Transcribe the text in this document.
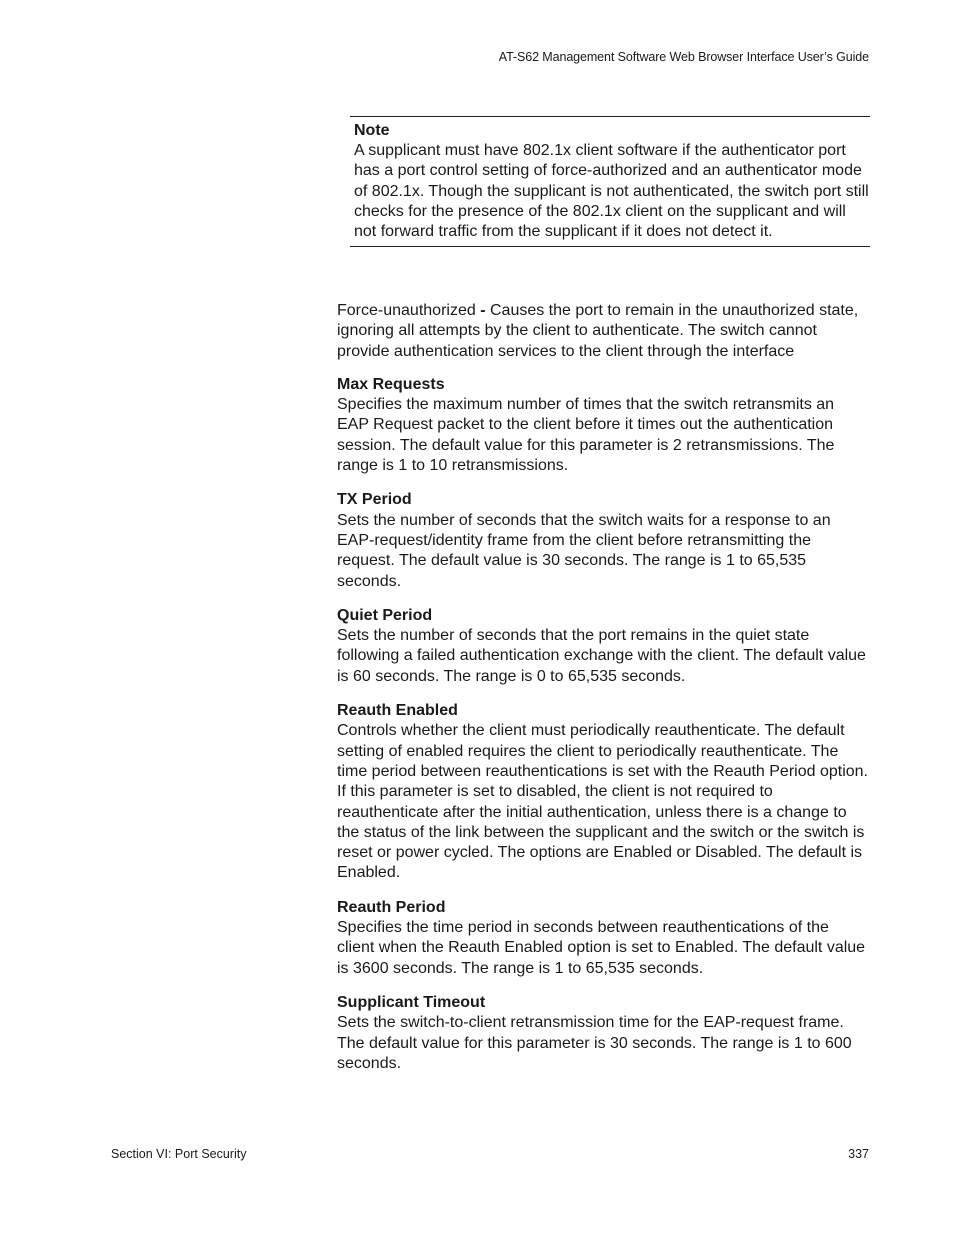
AT-S62 Management Software Web Browser Interface User’s Guide
Note

A supplicant must have 802.1x client software if the authenticator port has a port control setting of force-authorized and an authenticator mode of 802.1x. Though the supplicant is not authenticated, the switch port still checks for the presence of the 802.1x client on the supplicant and will not forward traffic from the supplicant if it does not detect it.

Force-unauthorized - Causes the port to remain in the unauthorized state, ignoring all attempts by the client to authenticate. The switch cannot provide authentication services to the client through the interface

Max Requests

Specifies the maximum number of times that the switch retransmits an EAP Request packet to the client before it times out the authentication session. The default value for this parameter is 2 retransmissions. The range is 1 to 10 retransmissions.

TX Period

Sets the number of seconds that the switch waits for a response to an EAP-request/identity frame from the client before retransmitting the request. The default value is 30 seconds. The range is 1 to 65,535 seconds.

Quiet Period

Sets the number of seconds that the port remains in the quiet state following a failed authentication exchange with the client. The default value is 60 seconds. The range is 0 to 65,535 seconds.

Reauth Enabled

Controls whether the client must periodically reauthenticate. The default setting of enabled requires the client to periodically reauthenticate. The time period between reauthentications is set with the Reauth Period option. If this parameter is set to disabled, the client is not required to reauthenticate after the initial authentication, unless there is a change to the status of the link between the supplicant and the switch or the switch is reset or power cycled. The options are Enabled or Disabled. The default is Enabled.

Reauth Period

Specifies the time period in seconds between reauthentications of the client when the Reauth Enabled option is set to Enabled. The default value is 3600 seconds. The range is 1 to 65,535 seconds.

Supplicant Timeout

Sets the switch-to-client retransmission time for the EAP-request frame. The default value for this parameter is 30 seconds. The range is 1 to 600 seconds.

Section VI: Port Security	337
